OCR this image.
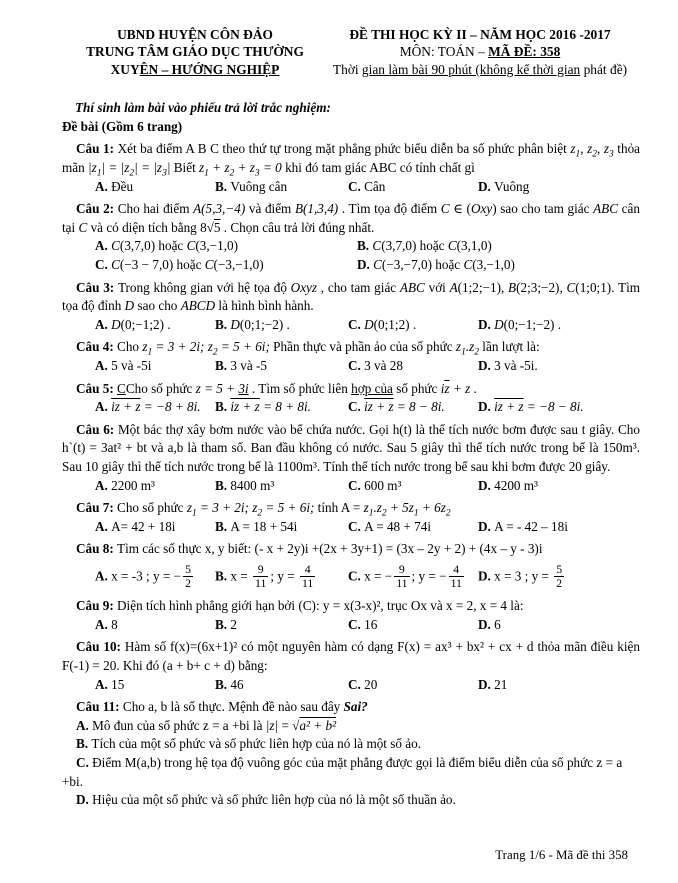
UBND HUYỆN CÔN ĐẢO
TRUNG TÂM GIÁO DỤC THƯỜNG
XUYÊN – HƯỚNG NGHIỆP
ĐỀ THI HỌC KỲ II – NĂM HỌC 2016 -2017
MÔN: TOÁN – MÃ ĐỀ: 358
Thời gian làm bài 90 phút (không kể thời gian phát đề)

Thí sinh làm bài vào phiếu trả lời trắc nghiệm:

Đề bài (Gồm 6 trang)

Câu 1: Xét ba điểm A B C theo thứ tự trong mặt phẳng phức biểu diễn ba số phức phân biệt $z_1$, $z_2$, $z_3$ thỏa mãn $|z_1| = |z_2| = |z_3|$ Biết $z_1 + z_2 + z_3 = 0$ khi đó tam giác ABC có tính chất gì

A. Đều	B. Vuông cân	C. Cân	D. Vuông

Câu 2: Cho hai điểm A(5,3,−4) và điểm B(1,3,4) . Tìm tọa độ điểm C ∈ (Oxy) sao cho tam giác ABC cân tại C và có diện tích bằng 8√5 . Chọn câu trả lời đúng nhất.

A. C(3,7,0) hoặc C(3,−1,0)	B. C(3,7,0) hoặc C(3,1,0)
C. C(−3 − 7,0) hoặc C(−3,−1,0)	D. C(−3,−7,0) hoặc C(3,−1,0)

Câu 3: Trong không gian với hệ tọa độ Oxyz , cho tam giác ABC với A(1;2;−1), B(2;3;−2), C(1;0;1). Tìm tọa độ đỉnh D sao cho ABCD là hình bình hành.

A. D(0;−1;2) .	B. D(0;1;−2) .	C. D(0;1;2) .	D. D(0;−1;−2) .

Câu 4: Cho $z_1 = 3 + 2i$; $z_2 = 5 + 6i$; Phần thực và phần ảo của số phức $z_1.z_2$ lần lượt là:

A. 5 và -5i	B. 3 và -5	C. 3 và 28	D. 3 và -5i.

Câu 5: CCho số phức z = 5 + 3i . Tìm số phức liên hợp của số phức $i\overline{z} + z$ .

A. iz + z = −8 + 8i.	B. iz + z = 8 + 8i.	C. iz + z = 8 − 8i.	D. iz + z = −8 − 8i.

Câu 6: Một bác thợ xây bơm nước vào bể chứa nước. Gọi h(t) là thể tích nước bơm được sau t giây. Cho h`(t) = 3at² + bt và a,b là tham số. Ban đầu không có nước. Sau 5 giây thì thể tích nước trong bể là 150m³. Sau 10 giây thì thể tích nước trong bể là 1100m³. Tính thể tích nước trong bể sau khi bơm được 20 giây.

A. 2200 m³	B. 8400 m³	C. 600 m³	D. 4200 m³

Câu 7: Cho số phức $z_1 = 3 + 2i$; $z_2 = 5 + 6i$; tính $A = z_1.z_2 + 5z_1 + 6z_2$

A. A= 42 + 18i	B. A = 18 + 54i	C. A = 48 + 74i	D. A = - 42 – 18i

Câu 8: Tìm các số thực x, y biết: (- x + 2y)i +(2x + 3y+1) = (3x – 2y + 2) + (4x – y - 3)i

A. x = -3 ; y = − $\frac{5}{2} B$. $x = \frac{9}{11}$ ; $y = \frac{4}{11} C$. x = − $\frac{9}{11}$ ; y = − $\frac{4}{11} D$. x = 3 ; $y = \frac{5}{2}$

Câu 9: Diện tích hình phẳng giới hạn bởi (C): y = x(3-x)², trục Ox và x = 2, x = 4 là:

A. 8	B. 2	C. 16	D. 6

Câu 10: Hàm số f(x)=(6x+1)² có một nguyên hàm có dạng F(x) = ax³ + bx² + cx + d thỏa mãn điều kiện F(-1) = 20. Khi đó (a + b+ c + d) bằng:

A. 15	B. 46	C. 20	D. 21

Câu 11: Cho a, b là số thực. Mệnh đề nào sau đây Sai?

A. Mô đun của số phức z = a +bi là |z| = √a² + b²

B. Tích của một số phức và số phức liên hợp của nó là một số ảo.

C. Điểm M(a,b) trong hệ tọa độ vuông góc của mặt phẳng được gọi là điểm biểu diễn của số phức z = a +bi.

D. Hiệu của một số phức và số phức liên hợp của nó là một số thuần ảo.

Trang 1/6 - Mã đề thi 358
